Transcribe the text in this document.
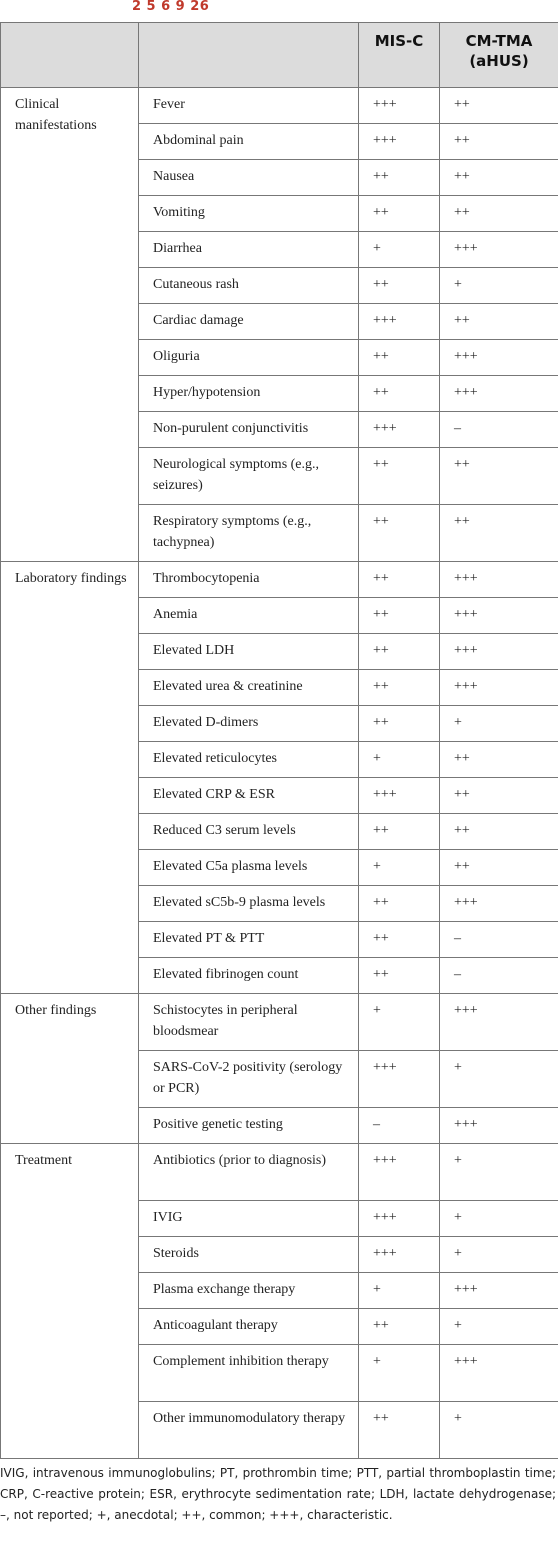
2 5 6 9 26
		MIS-C	CM-TMA (aHUS)
Clinical manifestations	Fever	+++	++
	Abdominal pain	+++	++
	Nausea	++	++
	Vomiting	++	++
	Diarrhea	+	+++
	Cutaneous rash	++	+
	Cardiac damage	+++	++
	Oliguria	++	+++
	Hyper/hypotension	++	+++
	Non-purulent conjunctivitis	+++	–
	Neurological symptoms (e.g., seizures)	++	++
	Respiratory symptoms (e.g., tachypnea)	++	++
Laboratory findings	Thrombocytopenia	++	+++
	Anemia	++	+++
	Elevated LDH	++	+++
	Elevated urea & creatinine	++	+++
	Elevated D-dimers	++	+
	Elevated reticulocytes	+	++
	Elevated CRP & ESR	+++	++
	Reduced C3 serum levels	++	++
	Elevated C5a plasma levels	+	++
	Elevated sC5b-9 plasma levels	++	+++
	Elevated PT & PTT	++	–
	Elevated fibrinogen count	++	–
Other findings	Schistocytes in peripheral bloodsmear	+	+++
	SARS-CoV-2 positivity (serology or PCR)	+++	+
	Positive genetic testing	–	+++
Treatment	Antibiotics (prior to diagnosis)	+++	+
	IVIG	+++	+
	Steroids	+++	+
	Plasma exchange therapy	+	+++
	Anticoagulant therapy	++	+
	Complement inhibition therapy	+	+++
	Other immunomodulatory therapy	++	+
IVIG, intravenous immunoglobulins; PT, prothrombin time; PTT, partial thromboplastin time; CRP, C-reactive protein; ESR, erythrocyte sedimentation rate; LDH, lactate dehydrogenase; –, not reported; +, anecdotal; ++, common; +++, characteristic.
